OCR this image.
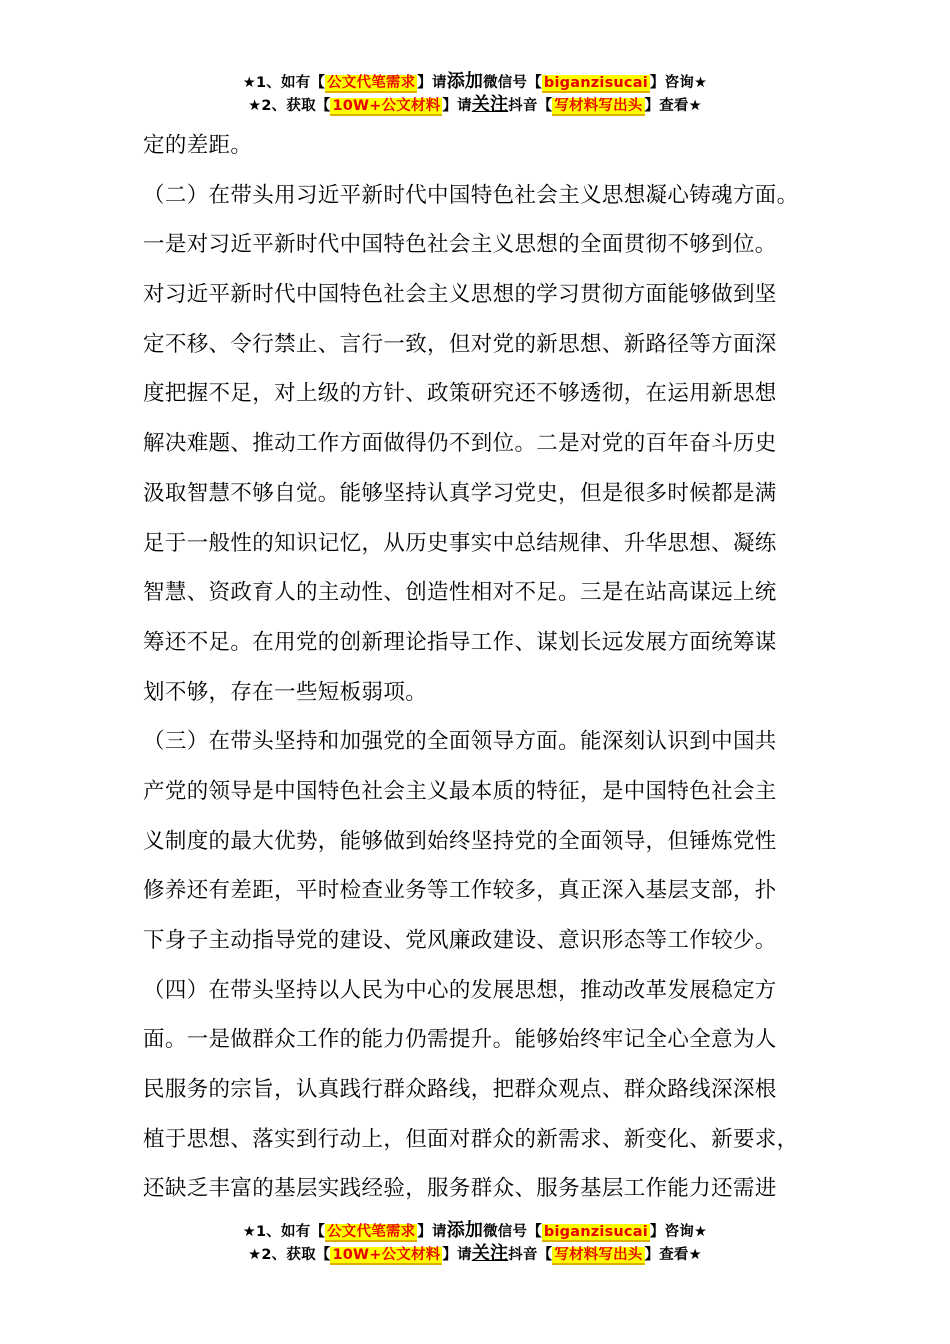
★1、如有【 公文代笔需求 】请添加微信号【 biganzisucai 】咨询★
★2、获取【 10W+公文材料 】请关注抖音【 写材料写出头 】查看★
定的差距。
（二）在带头用习近平新时代中国特色社会主义思想凝心铸魂方面。
一是对习近平新时代中国特色社会主义思想的全面贯彻不够到位。
对习近平新时代中国特色社会主义思想的学习贯彻方面能够做到坚
定不移、令行禁止、言行一致，但对党的新思想、新路径等方面深
度把握不足，对上级的方针、政策研究还不够透彻，在运用新思想
解决难题、推动工作方面做得仍不到位。二是对党的百年奋斗历史
汲取智慧不够自觉。能够坚持认真学习党史，但是很多时候都是满
足于一般性的知识记忆，从历史事实中总结规律、升华思想、凝练
智慧、资政育人的主动性、创造性相对不足。三是在站高谋远上统
筹还不足。在用党的创新理论指导工作、谋划长远发展方面统筹谋
划不够，存在一些短板弱项。
（三）在带头坚持和加强党的全面领导方面。能深刻认识到中国共
产党的领导是中国特色社会主义最本质的特征，是中国特色社会主
义制度的最大优势，能够做到始终坚持党的全面领导，但锤炼党性
修养还有差距，平时检查业务等工作较多，真正深入基层支部，扑
下身子主动指导党的建设、党风廉政建设、意识形态等工作较少。
（四）在带头坚持以人民为中心的发展思想，推动改革发展稳定方
面。一是做群众工作的能力仍需提升。能够始终牢记全心全意为人
民服务的宗旨，认真践行群众路线，把群众观点、群众路线深深根
植于思想、落实到行动上，但面对群众的新需求、新变化、新要求，
还缺乏丰富的基层实践经验，服务群众、服务基层工作能力还需进
★1、如有【 公文代笔需求 】请添加微信号【 biganzisucai 】咨询★
★2、获取【 10W+公文材料 】请关注抖音【 写材料写出头 】查看★
